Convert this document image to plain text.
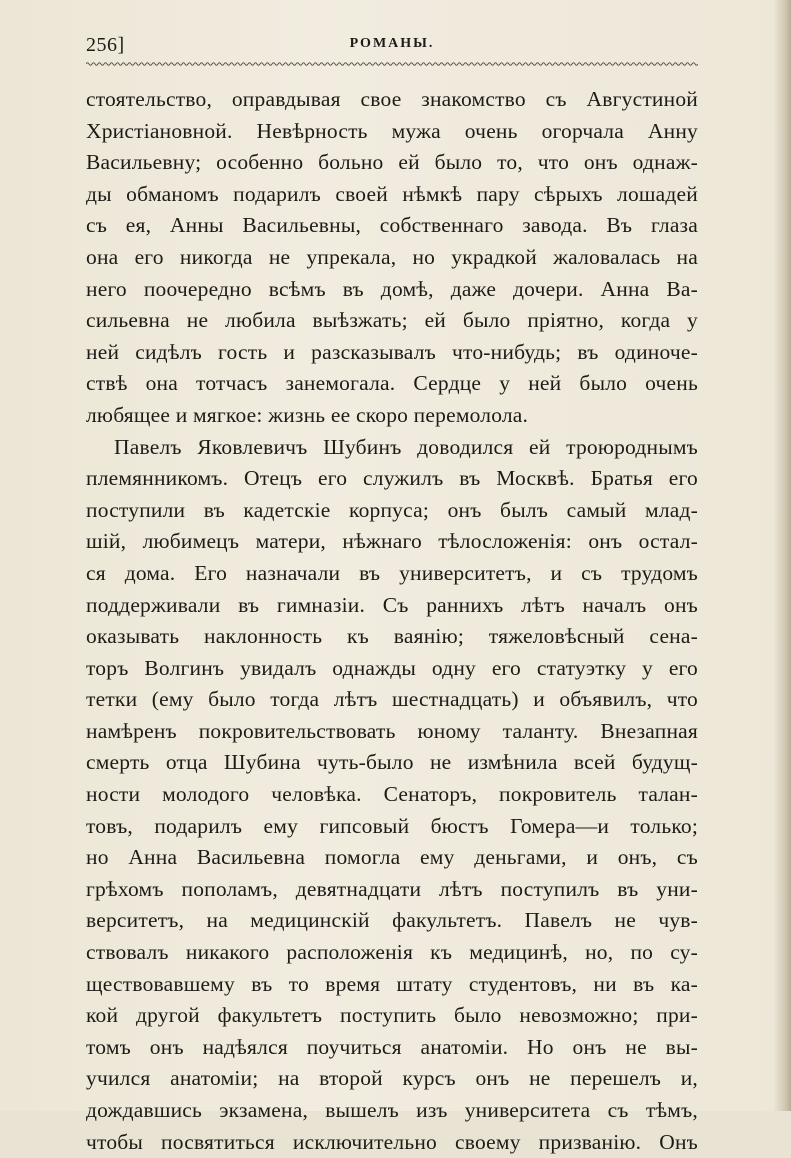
256]	РОМАНЫ.
стоятельство, оправдывая свое знакомство съ Августиной
Христiановной. Невѣрность мужа очень огорчала Анну
Васильевну; особенно больно ей было то, что онъ однаж-
ды обманомъ подарилъ своей нѣмкѣ пару сѣрыхъ лошадей
съ ея, Анны Васильевны, собственнаго завода. Въ глаза
она его никогда не упрекала, но украдкой жаловалась на
него поочередно всѣмъ въ домѣ, даже дочери. Анна Ва-
сильевна не любила выѣзжать; ей было прiятно, когда у
ней сидѣлъ гость и разсказывалъ что-нибудь; въ одиноче-
ствѣ она тотчасъ занемогала. Сердце у ней было очень
любящее и мягкое: жизнь ее скоро перемолола.
Павелъ Яковлевичъ Шубинъ доводился ей троюроднымъ
племянникомъ. Отецъ его служилъ въ Москвѣ. Братья его
поступили въ кадетскiе корпуса; онъ былъ самый млад-
шiй, любимецъ матери, нѣжнаго тѣлосложенiя: онъ остал-
ся дома. Его назначали въ университетъ, и съ трудомъ
поддерживали въ гимназiи. Съ раннихъ лѣтъ началъ онъ
оказывать наклонность къ ваянiю; тяжеловѣсный сена-
торъ Волгинъ увидалъ однажды одну его статуэтку у его
тетки (ему было тогда лѣтъ шестнадцать) и объявилъ, что
намѣренъ покровительствовать юному таланту. Внезапная
смерть отца Шубина чуть-было не измѣнила всей будущ-
ности молодого человѣка. Сенаторъ, покровитель талан-
товъ, подарилъ ему гипсовый бюстъ Гомера—и только;
но Анна Васильевна помогла ему деньгами, и онъ, съ
грѣхомъ пополамъ, девятнадцати лѣтъ поступилъ въ уни-
верситетъ, на медицинскiй факультетъ. Павелъ не чув-
ствовалъ никакого расположенiя къ медицинѣ, но, по су-
ществовавшему въ то время штату студентовъ, ни въ ка-
кой другой факультетъ поступить было невозможно; при-
томъ онъ надѣялся поучиться анатомiи. Но онъ не вы-
учился анатомiи; на второй курсъ онъ не перешелъ и,
дождавшись экзамена, вышелъ изъ университета съ тѣмъ,
чтобы посвятиться исключительно своему призванiю. Онъ
